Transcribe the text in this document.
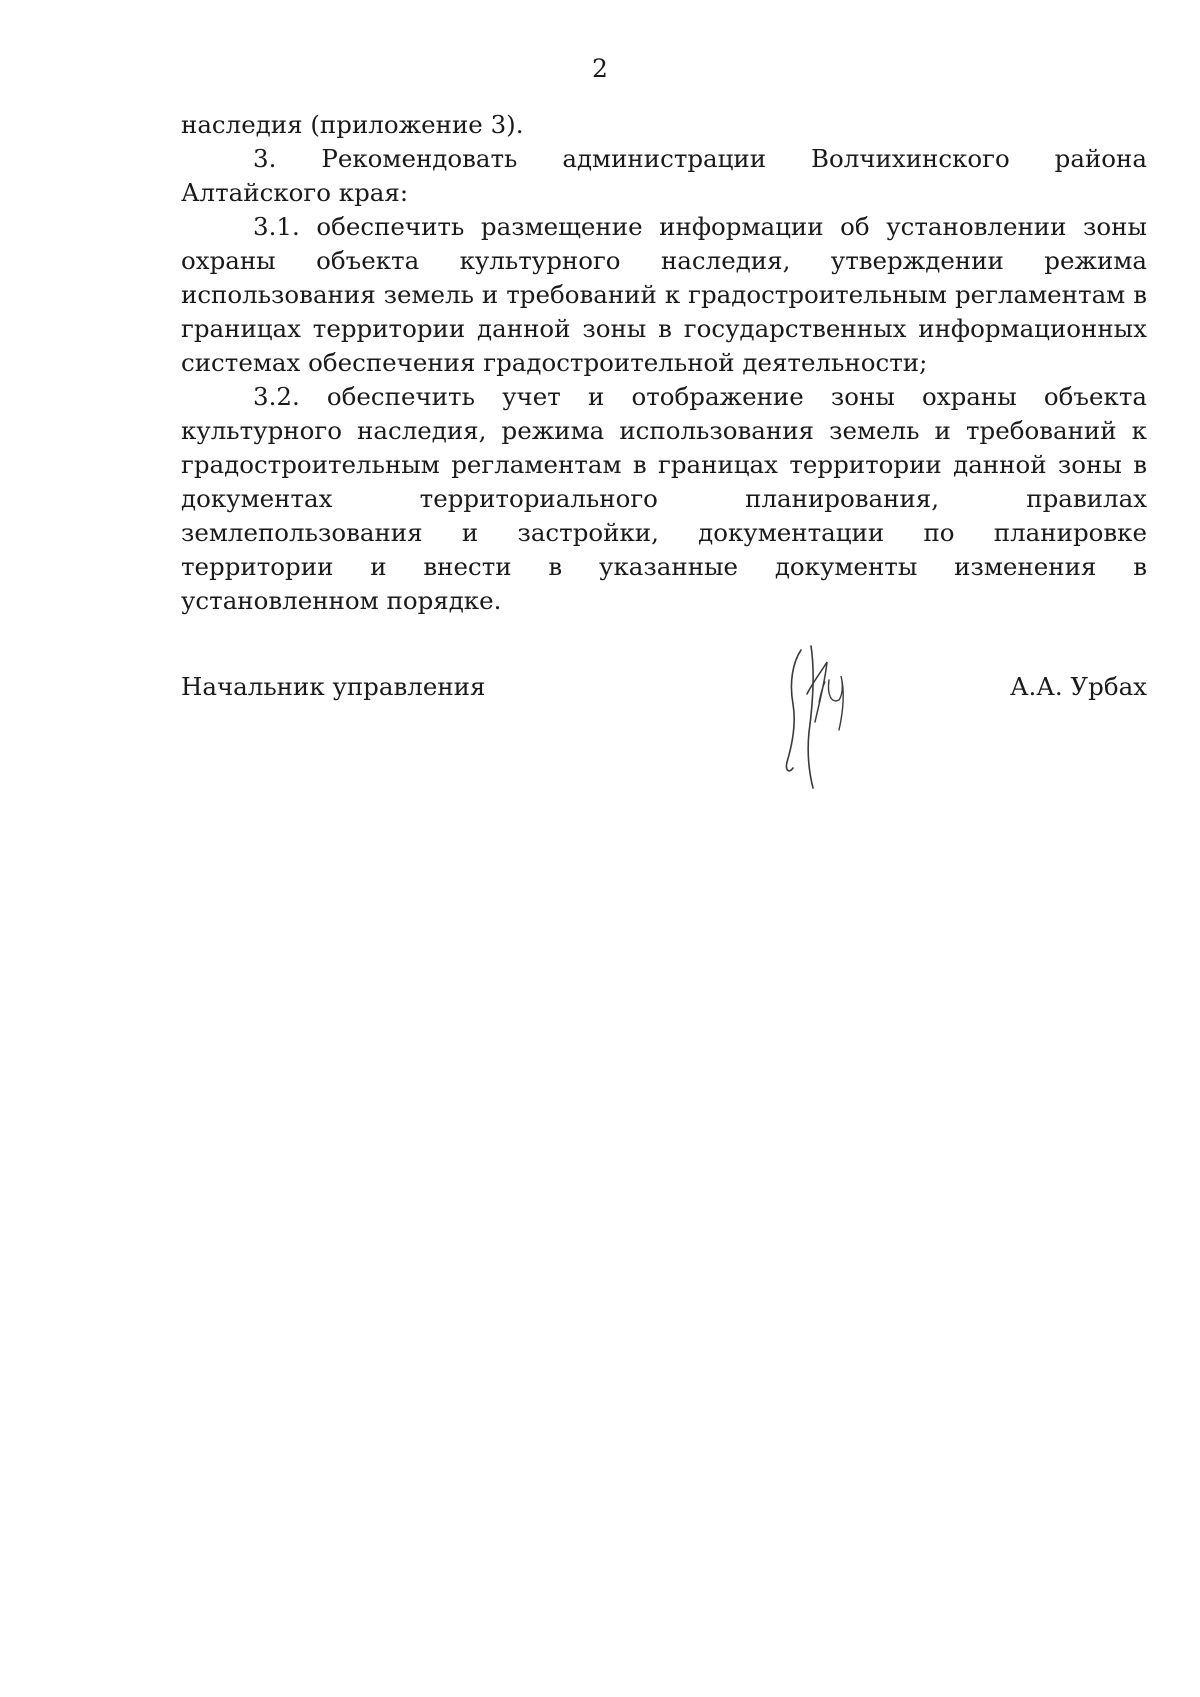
2

наследия (приложение 3).

3. Рекомендовать администрации Волчихинского района Алтайского края:

3.1. обеспечить размещение информации об установлении зоны охраны объекта культурного наследия, утверждении режима использования земель и требований к градостроительным регламентам в границах территории данной зоны в государственных информационных системах обеспечения градостроительной деятельности;

3.2. обеспечить учет и отображение зоны охраны объекта культурного наследия, режима использования земель и требований к градостроительным регламентам в границах территории данной зоны в документах территориального планирования, правилах землепользования и застройки, документации по планировке территории и внести в указанные документы изменения в установленном порядке.

Начальник управления	А.А. Урбах
